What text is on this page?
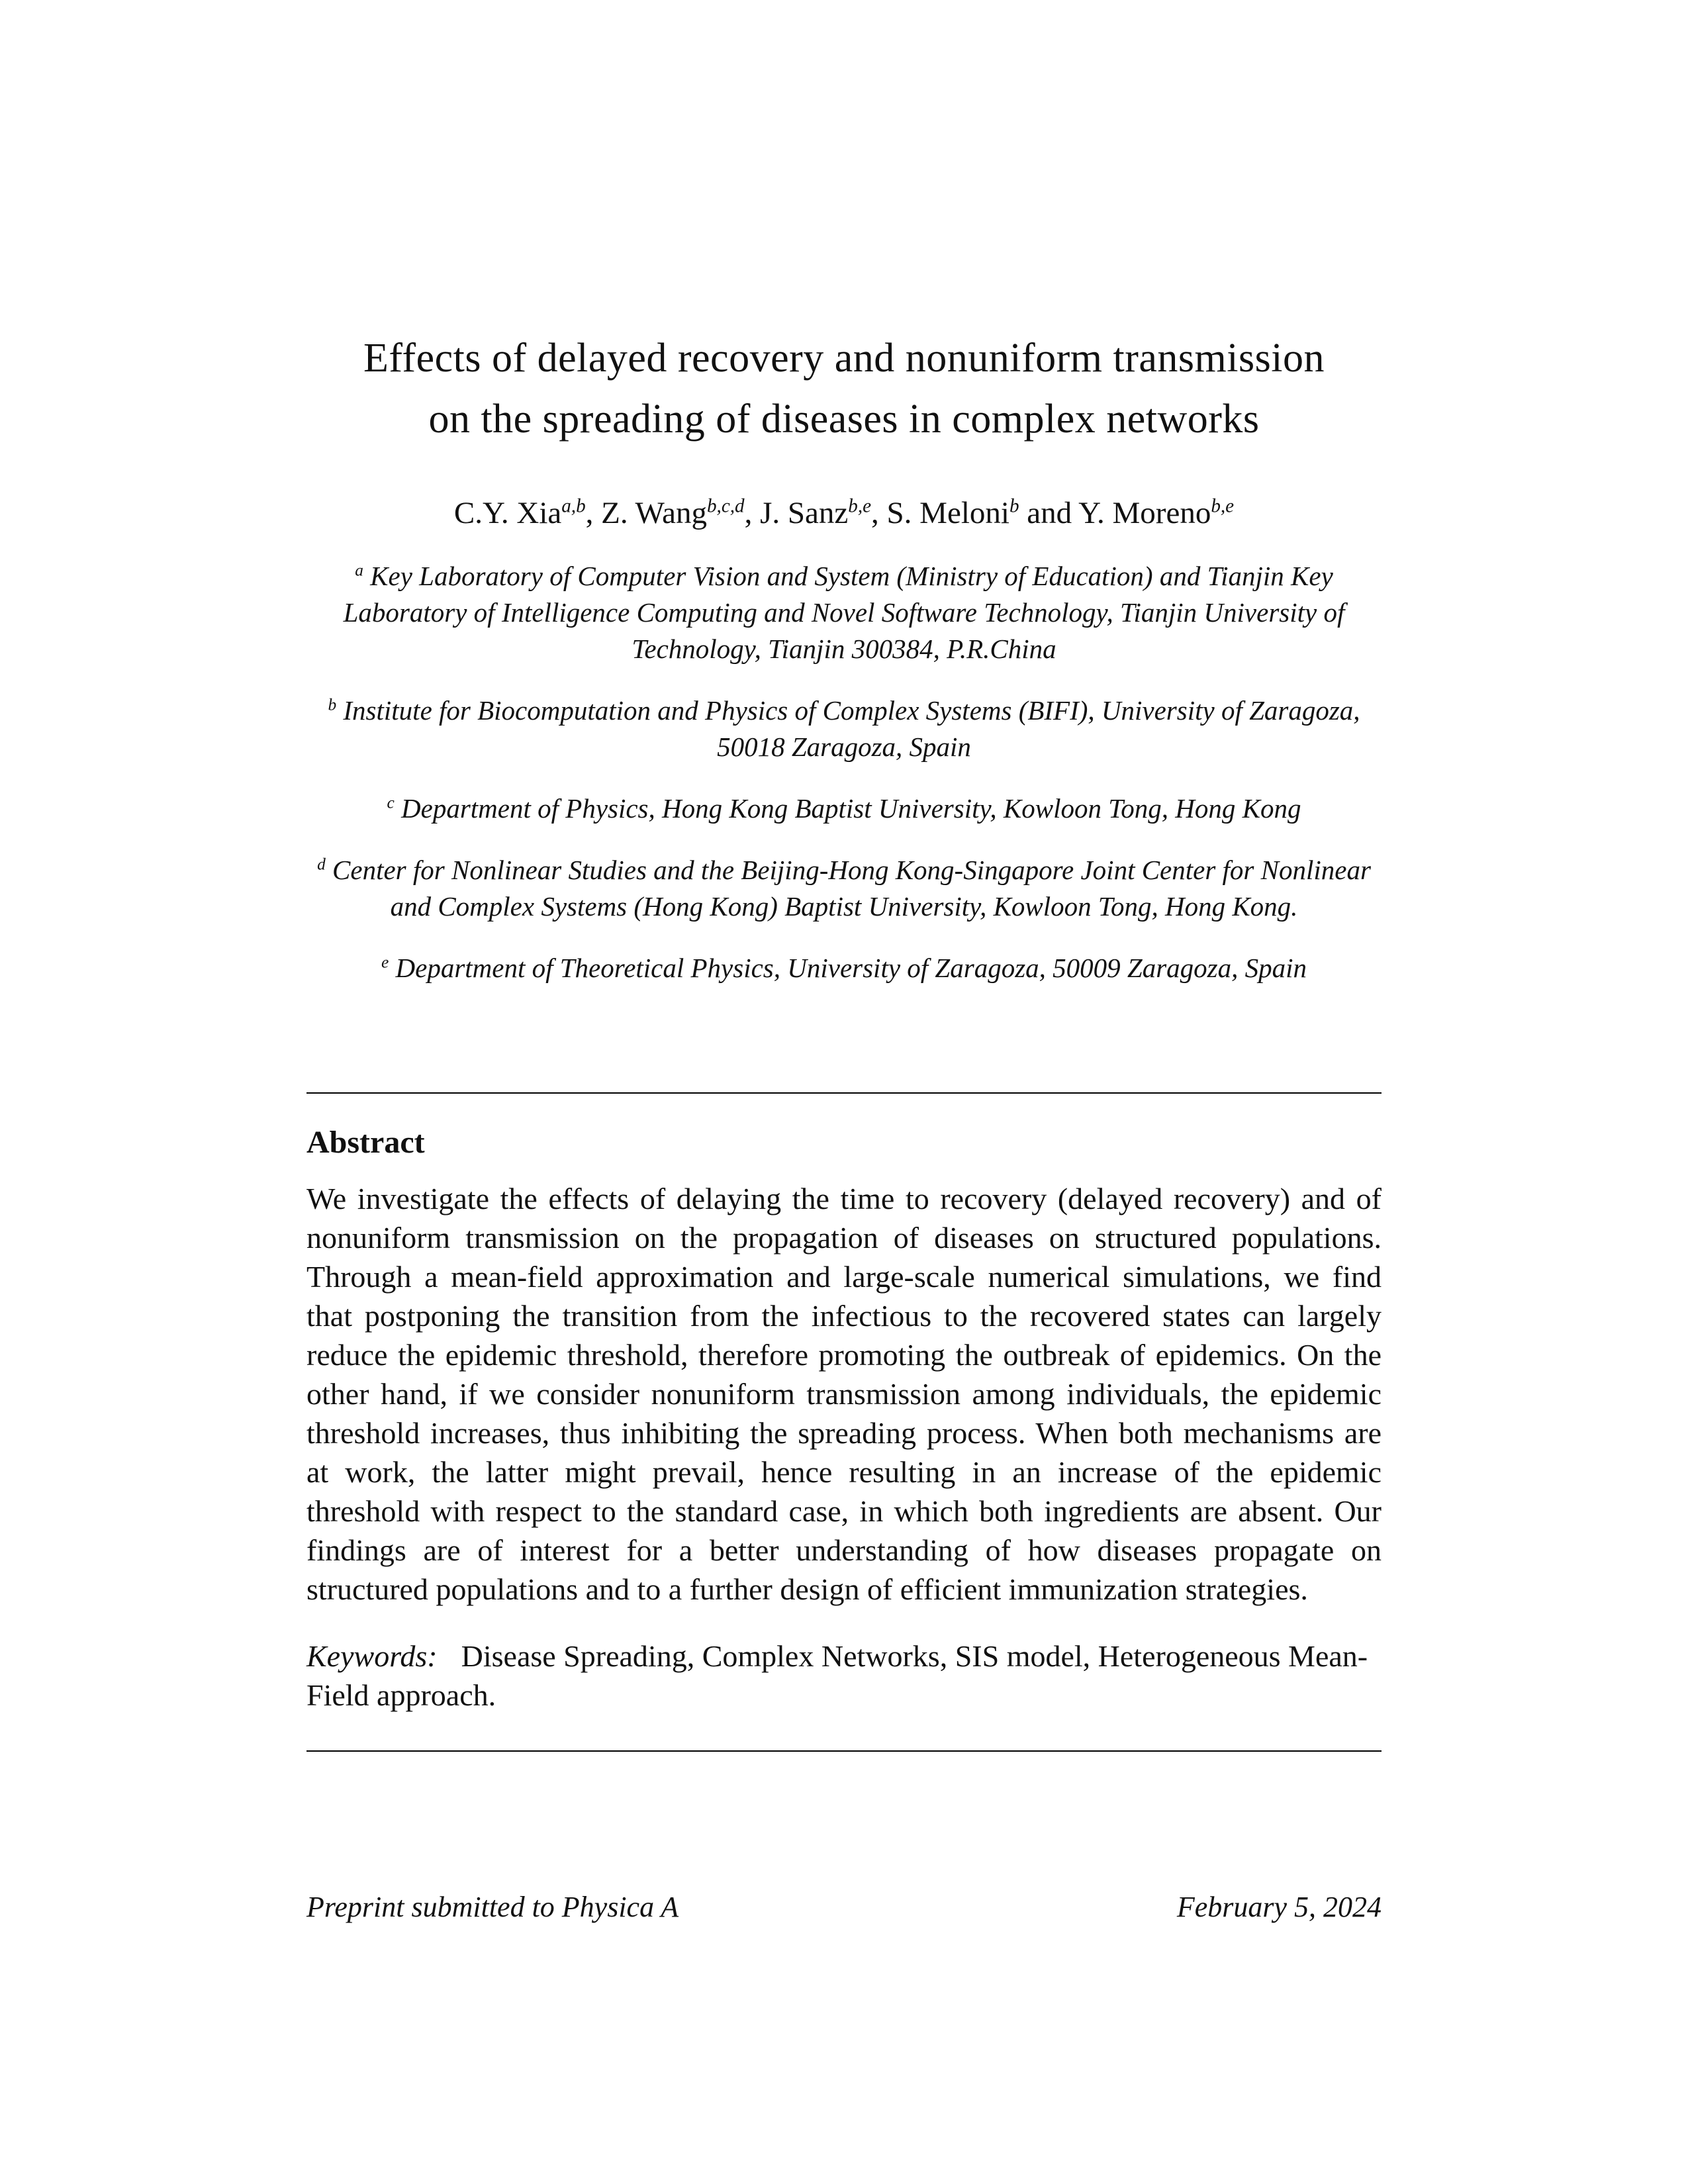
Effects of delayed recovery and nonuniform transmission
on the spreading of diseases in complex networks
C.Y. Xia$^{a,b}$, Z. Wang$^{b,c,d}$, J. Sanz$^{b,e}$, S. Meloni$^b$ and Y. Moreno$^{b,e}$
$^a$ Key Laboratory of Computer Vision and System (Ministry of Education) and Tianjin Key Laboratory of Intelligence Computing and Novel Software Technology, Tianjin University of Technology, Tianjin 300384, P.R.China
$^b$ Institute for Biocomputation and Physics of Complex Systems (BIFI), University of Zaragoza, 50018 Zaragoza, Spain
$^c$ Department of Physics, Hong Kong Baptist University, Kowloon Tong, Hong Kong
$^d$ Center for Nonlinear Studies and the Beijing-Hong Kong-Singapore Joint Center for Nonlinear and Complex Systems (Hong Kong) Baptist University, Kowloon Tong, Hong Kong.
$^e$ Department of Theoretical Physics, University of Zaragoza, 50009 Zaragoza, Spain
Abstract

We investigate the effects of delaying the time to recovery (delayed recovery) and of nonuniform transmission on the propagation of diseases on structured populations. Through a mean-field approximation and large-scale numerical simulations, we find that postponing the transition from the infectious to the recovered states can largely reduce the epidemic threshold, therefore promoting the outbreak of epidemics. On the other hand, if we consider nonuniform transmission among individuals, the epidemic threshold increases, thus inhibiting the spreading process. When both mechanisms are at work, the latter might prevail, hence resulting in an increase of the epidemic threshold with respect to the standard case, in which both ingredients are absent. Our findings are of interest for a better understanding of how diseases propagate on structured populations and to a further design of efficient immunization strategies.

Keywords: Disease Spreading, Complex Networks, SIS model, Heterogeneous Mean-Field approach.

Preprint submitted to Physica A	February 5, 2024
